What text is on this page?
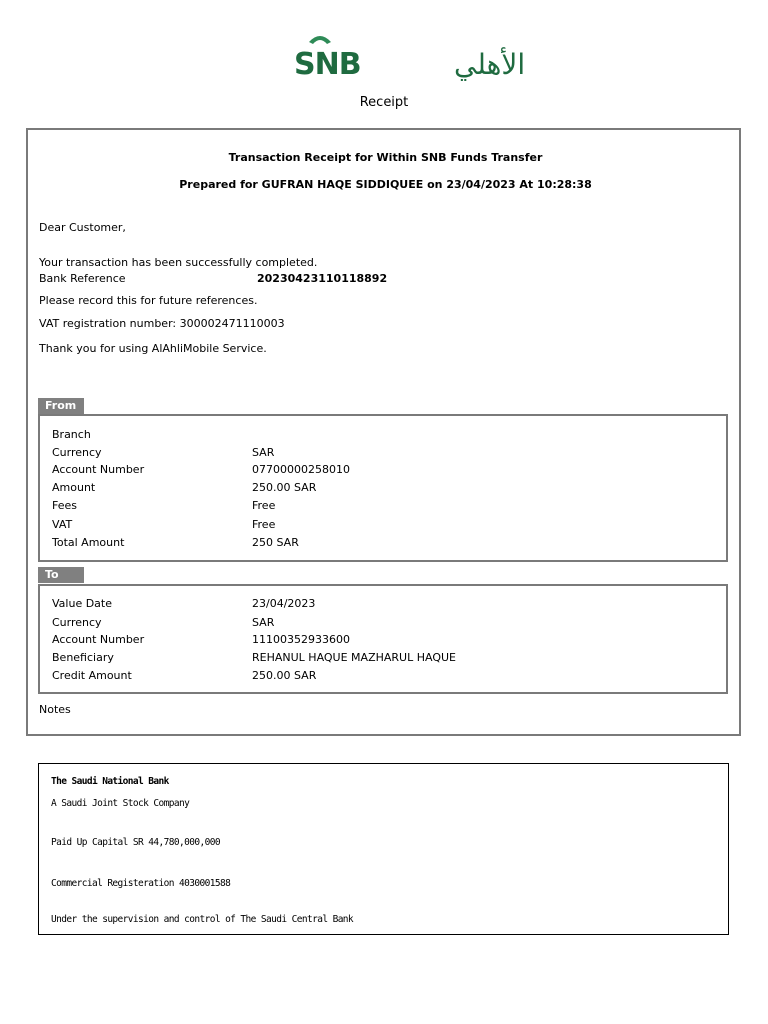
SNB	الأهلي
Receipt
Transaction Receipt for Within SNB Funds Transfer
Prepared for GUFRAN HAQE SIDDIQUEE on 23/04/2023 At 10:28:38
Dear Customer,
Your transaction has been successfully completed.
Bank Reference	20230423110118892
Please record this for future references.
VAT registration number: 300002471110003
Thank you for using AlAhliMobile Service.
From
Branch
Currency	SAR
Account Number	07700000258010
Amount	250.00 SAR
Fees	Free
VAT	Free
Total Amount	250 SAR
To
Value Date	23/04/2023
Currency	SAR
Account Number	11100352933600
Beneficiary	REHANUL HAQUE MAZHARUL HAQUE
Credit Amount	250.00 SAR
Notes
The Saudi National Bank
A Saudi Joint Stock Company
Paid Up Capital SR 44,780,000,000
Commercial Registeration 4030001588
Under the supervision and control of The Saudi Central Bank
